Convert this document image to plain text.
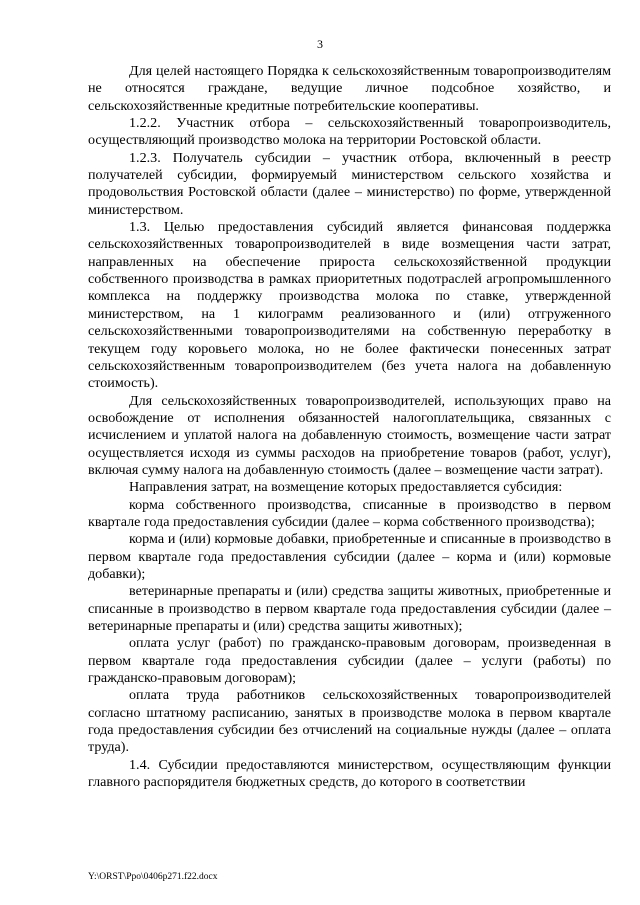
3

Для целей настоящего Порядка к сельскохозяйственным товаропроизводителям не относятся граждане, ведущие личное подсобное хозяйство, и сельскохозяйственные кредитные потребительские кооперативы.

1.2.2. Участник отбора – сельскохозяйственный товаропроизводитель, осуществляющий производство молока на территории Ростовской области.

1.2.3. Получатель субсидии – участник отбора, включенный в реестр получателей субсидии, формируемый министерством сельского хозяйства и продовольствия Ростовской области (далее – министерство) по форме, утвержденной министерством.

1.3. Целью предоставления субсидий является финансовая поддержка сельскохозяйственных товаропроизводителей в виде возмещения части затрат, направленных на обеспечение прироста сельскохозяйственной продукции собственного производства в рамках приоритетных подотраслей агропромышленного комплекса на поддержку производства молока по ставке, утвержденной министерством, на 1 килограмм реализованного и (или) отгруженного сельскохозяйственными товаропроизводителями на собственную переработку в текущем году коровьего молока, но не более фактически понесенных затрат сельскохозяйственным товаропроизводителем (без учета налога на добавленную стоимость).

Для сельскохозяйственных товаропроизводителей, использующих право на освобождение от исполнения обязанностей налогоплательщика, связанных с исчислением и уплатой налога на добавленную стоимость, возмещение части затрат осуществляется исходя из суммы расходов на приобретение товаров (работ, услуг), включая сумму налога на добавленную стоимость (далее – возмещение части затрат).

Направления затрат, на возмещение которых предоставляется субсидия:

корма собственного производства, списанные в производство в первом квартале года предоставления субсидии (далее – корма собственного производства);

корма и (или) кормовые добавки, приобретенные и списанные в производство в первом квартале года предоставления субсидии (далее – корма и (или) кормовые добавки);

ветеринарные препараты и (или) средства защиты животных, приобретенные и списанные в производство в первом квартале года предоставления субсидии (далее – ветеринарные препараты и (или) средства защиты животных);

оплата услуг (работ) по гражданско-правовым договорам, произведенная в первом квартале года предоставления субсидии (далее – услуги (работы) по гражданско-правовым договорам);

оплата труда работников сельскохозяйственных товаропроизводителей согласно штатному расписанию, занятых в производстве молока в первом квартале года предоставления субсидии без отчислений на социальные нужды (далее – оплата труда).

1.4. Субсидии предоставляются министерством, осуществляющим функции главного распорядителя бюджетных средств, до которого в соответствии

Y:\ORST\Ppo\0406p271.f22.docx
